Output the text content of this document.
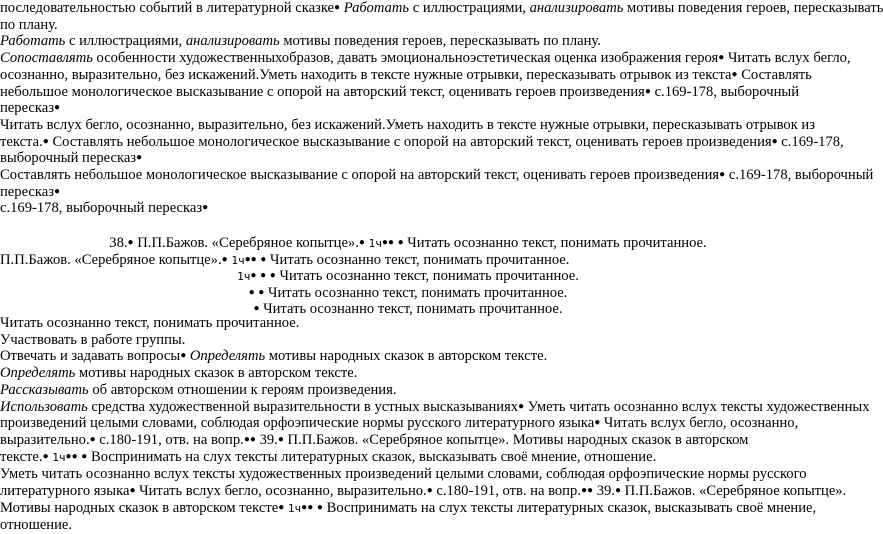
последовательностью событий в литературной сказке● Работать с иллюстрациями, анализировать мотивы поведения героев, пересказывать
по плану.
Работать с иллюстрациями, анализировать мотивы поведения героев, пересказывать по плану.
Сопоставлять особенности художественныхобразов, давать эмоциональноэстетическая оценка изображения героя● Читать вслух бегло,
осознанно, выразительно, без искажений.Уметь находить в тексте нужные отрывки, пересказывать отрывок из текста● Составлять
небольшое монологическое высказывание с опорой на авторский текст, оценивать героев произведения● с.169-178, выборочный
пересказ●
Читать вслух бегло, осознанно, выразительно, без искажений.Уметь находить в тексте нужные отрывки, пересказывать отрывок из
текста.● Составлять небольшое монологическое высказывание с опорой на авторский текст, оценивать героев произведения● с.169-178,
выборочный пересказ●
Составлять небольшое монологическое высказывание с опорой на авторский текст, оценивать героев произведения● с.169-178, выборочный
пересказ●
с.169-178, выборочный пересказ●
38.● П.П.Бажов. «Серебряное копытце».● 1ч●● ● Читать осознанно текст, понимать прочитанное.
П.П.Бажов. «Серебряное копытце».● 1ч●● ● Читать осознанно текст, понимать прочитанное.
1ч● ● ● Читать осознанно текст, понимать прочитанное.
● ● Читать осознанно текст, понимать прочитанное.
● Читать осознанно текст, понимать прочитанное.
Читать осознанно текст, понимать прочитанное.
Участвовать в работе группы.
Отвечать и задавать вопросы● Определять мотивы народных сказок в авторском тексте.
Определять мотивы народных сказок в авторском тексте.
Рассказывать об авторском отношении к героям произведения.
Использовать средства художественной выразительности в устных высказываниях● Уметь читать осознанно вслух тексты художественных
произведений целыми словами, соблюдая орфоэпические нормы русского литературного языка● Читать вслух бегло, осознанно,
выразительно.● с.180-191, отв. на вопр.●● 39.● П.П.Бажов. «Серебряное копытце». Мотивы народных сказок в авторском
тексте.● 1ч●● ● Воспринимать на слух тексты литературных сказок, высказывать своё мнение, отношение.
Уметь читать осознанно вслух тексты художественных произведений целыми словами, соблюдая орфоэпические нормы русского
литературного языка● Читать вслух бегло, осознанно, выразительно.● с.180-191, отв. на вопр.●● 39.● П.П.Бажов. «Серебряное копытце».
Мотивы народных сказок в авторском тексте● 1ч●● ● Воспринимать на слух тексты литературных сказок, высказывать своё мнение,
отношение.
